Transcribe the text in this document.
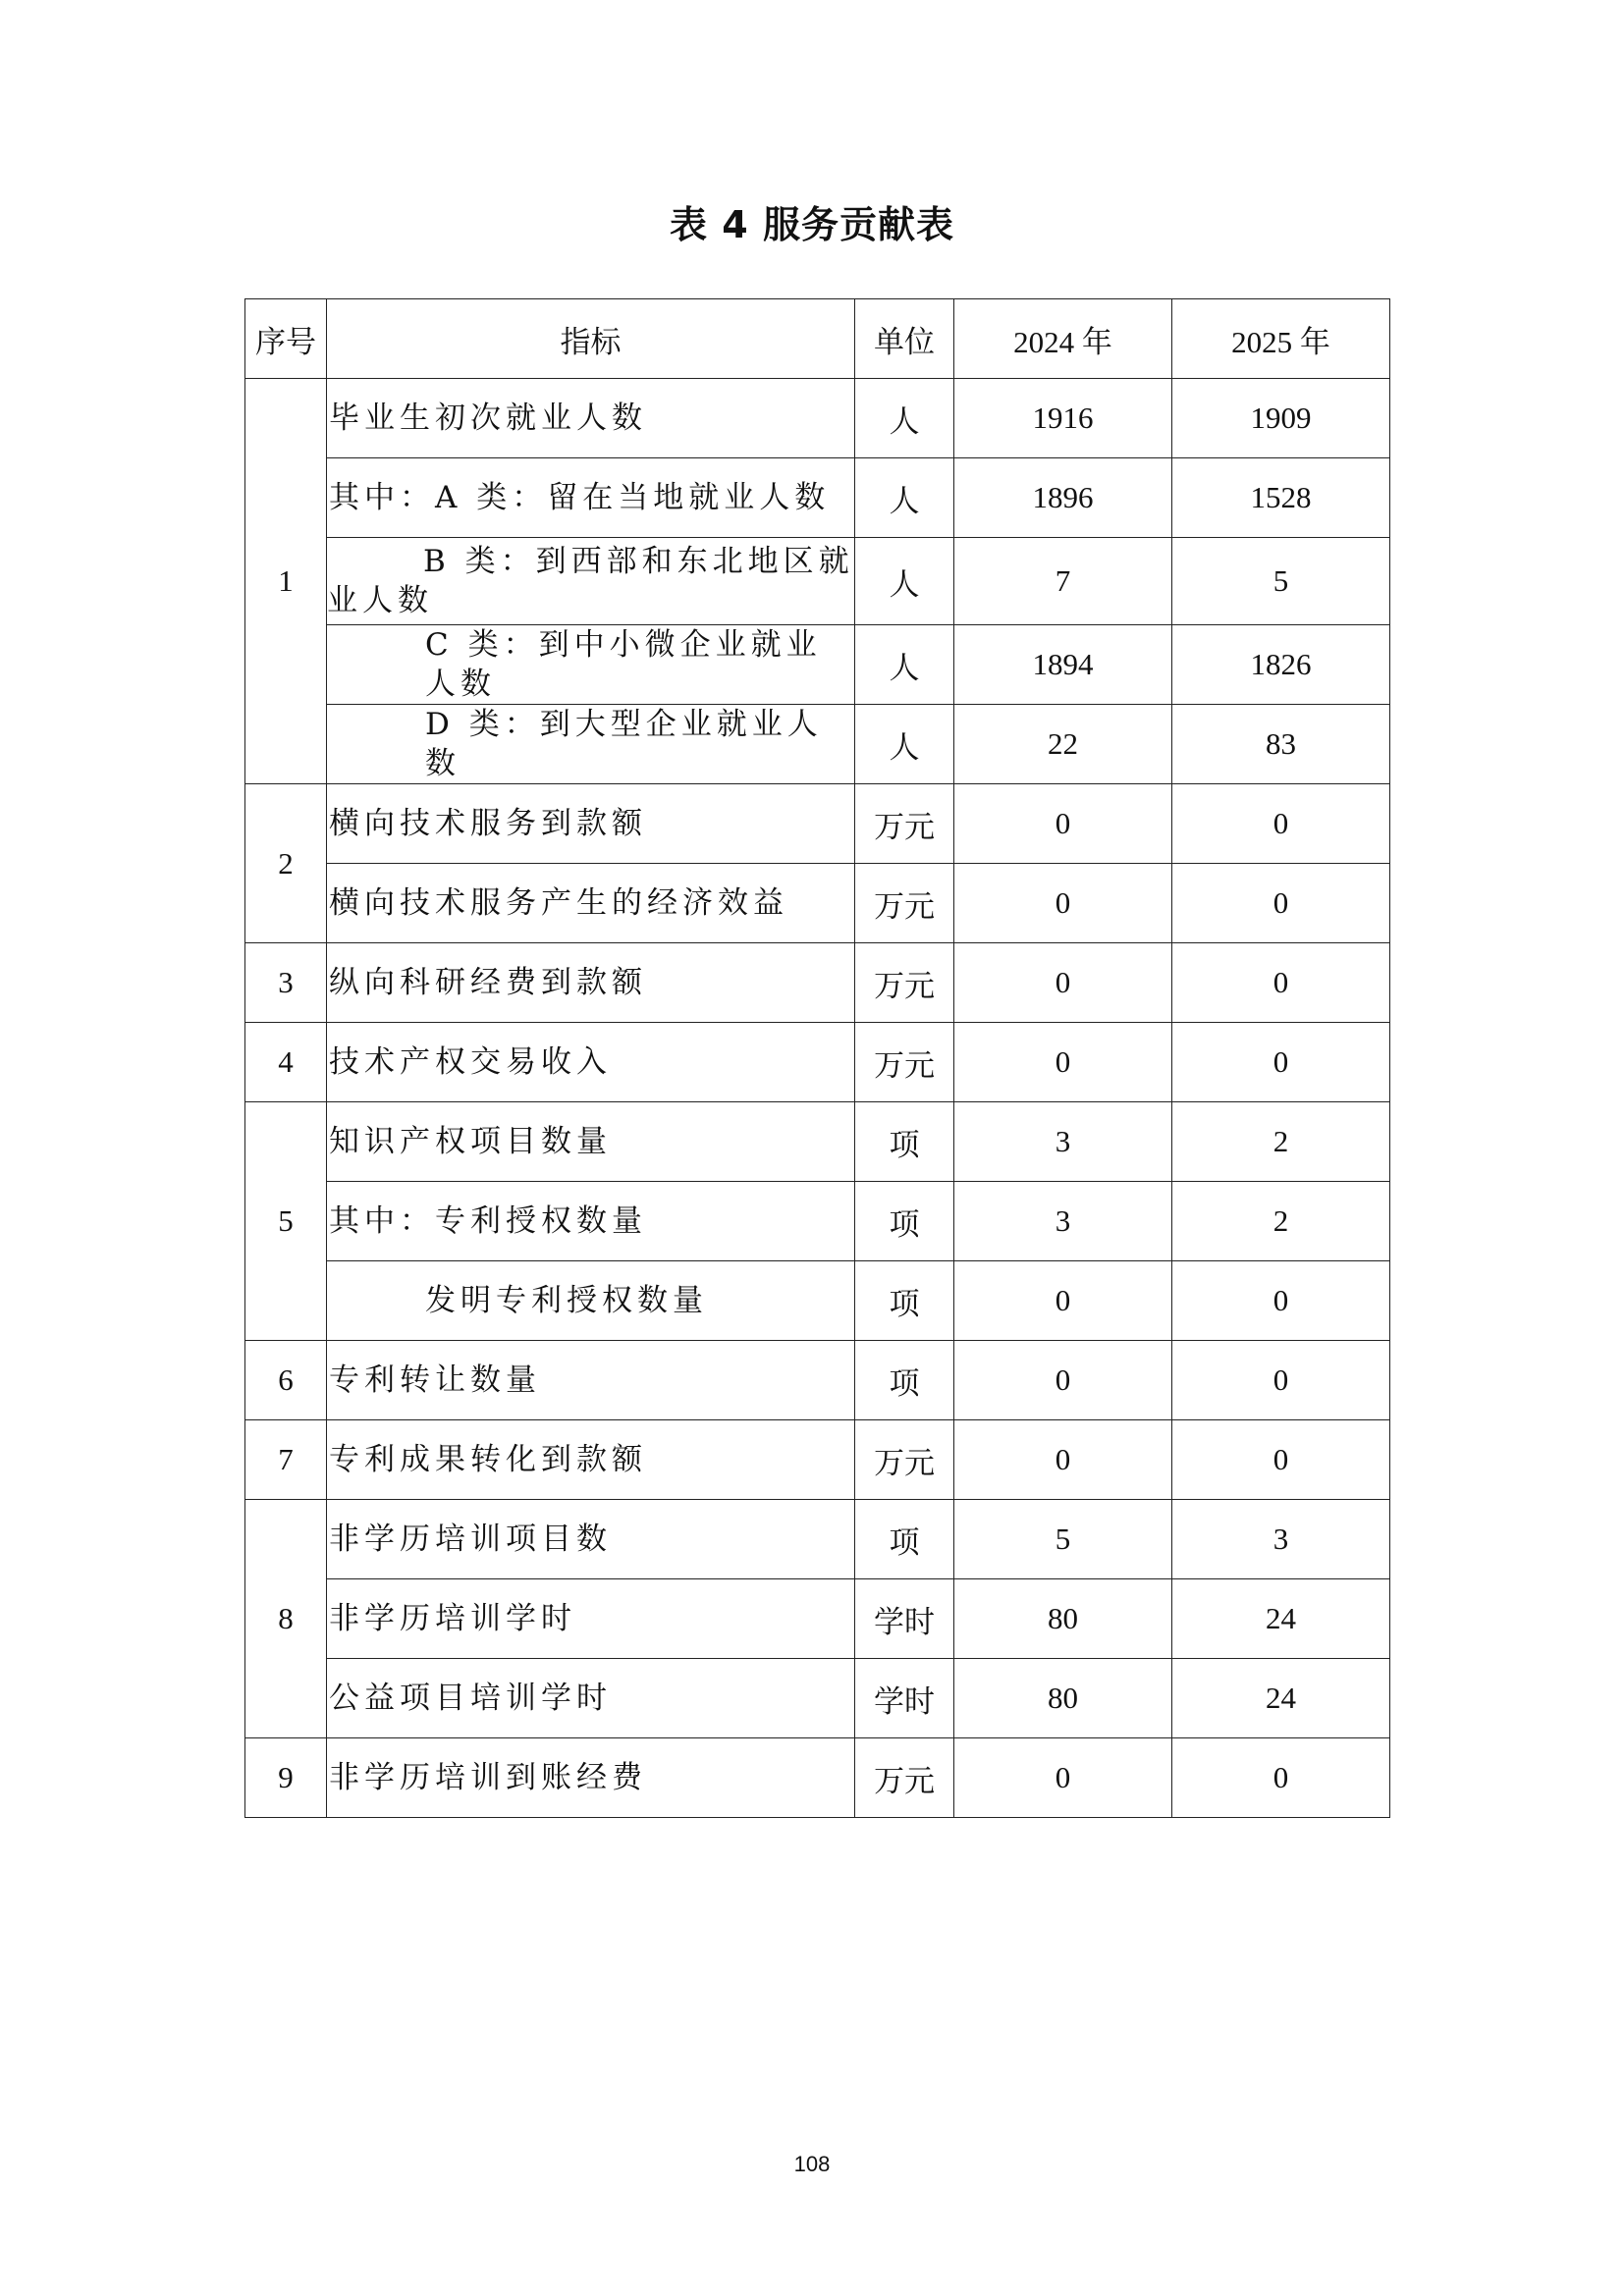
表 4 服务贡献表
序号	指标	单位	2024 年	2025 年
1	毕业生初次就业人数	人	1916	1909
	其中：A 类：留在当地就业人数	人	1896	1528

	B 类：到西部和东北地区就业人数	人	7	5
	C 类：到中小微企业就业人数	人	1894	1826
	D 类：到大型企业就业人数	人	22	83
2	横向技术服务到款额	万元	0	0
	横向技术服务产生的经济效益	万元	0	0
3	纵向科研经费到款额	万元	0	0
4	技术产权交易收入	万元	0	0
5	知识产权项目数量	项	3	2
	其中：专利授权数量	项	3	2
	发明专利授权数量	项	0	0
6	专利转让数量	项	0	0
7	专利成果转化到款额	万元	0	0
8	非学历培训项目数	项	5	3
	非学历培训学时	学时	80	24
	公益项目培训学时	学时	80	24
9	非学历培训到账经费	万元	0	0
108
